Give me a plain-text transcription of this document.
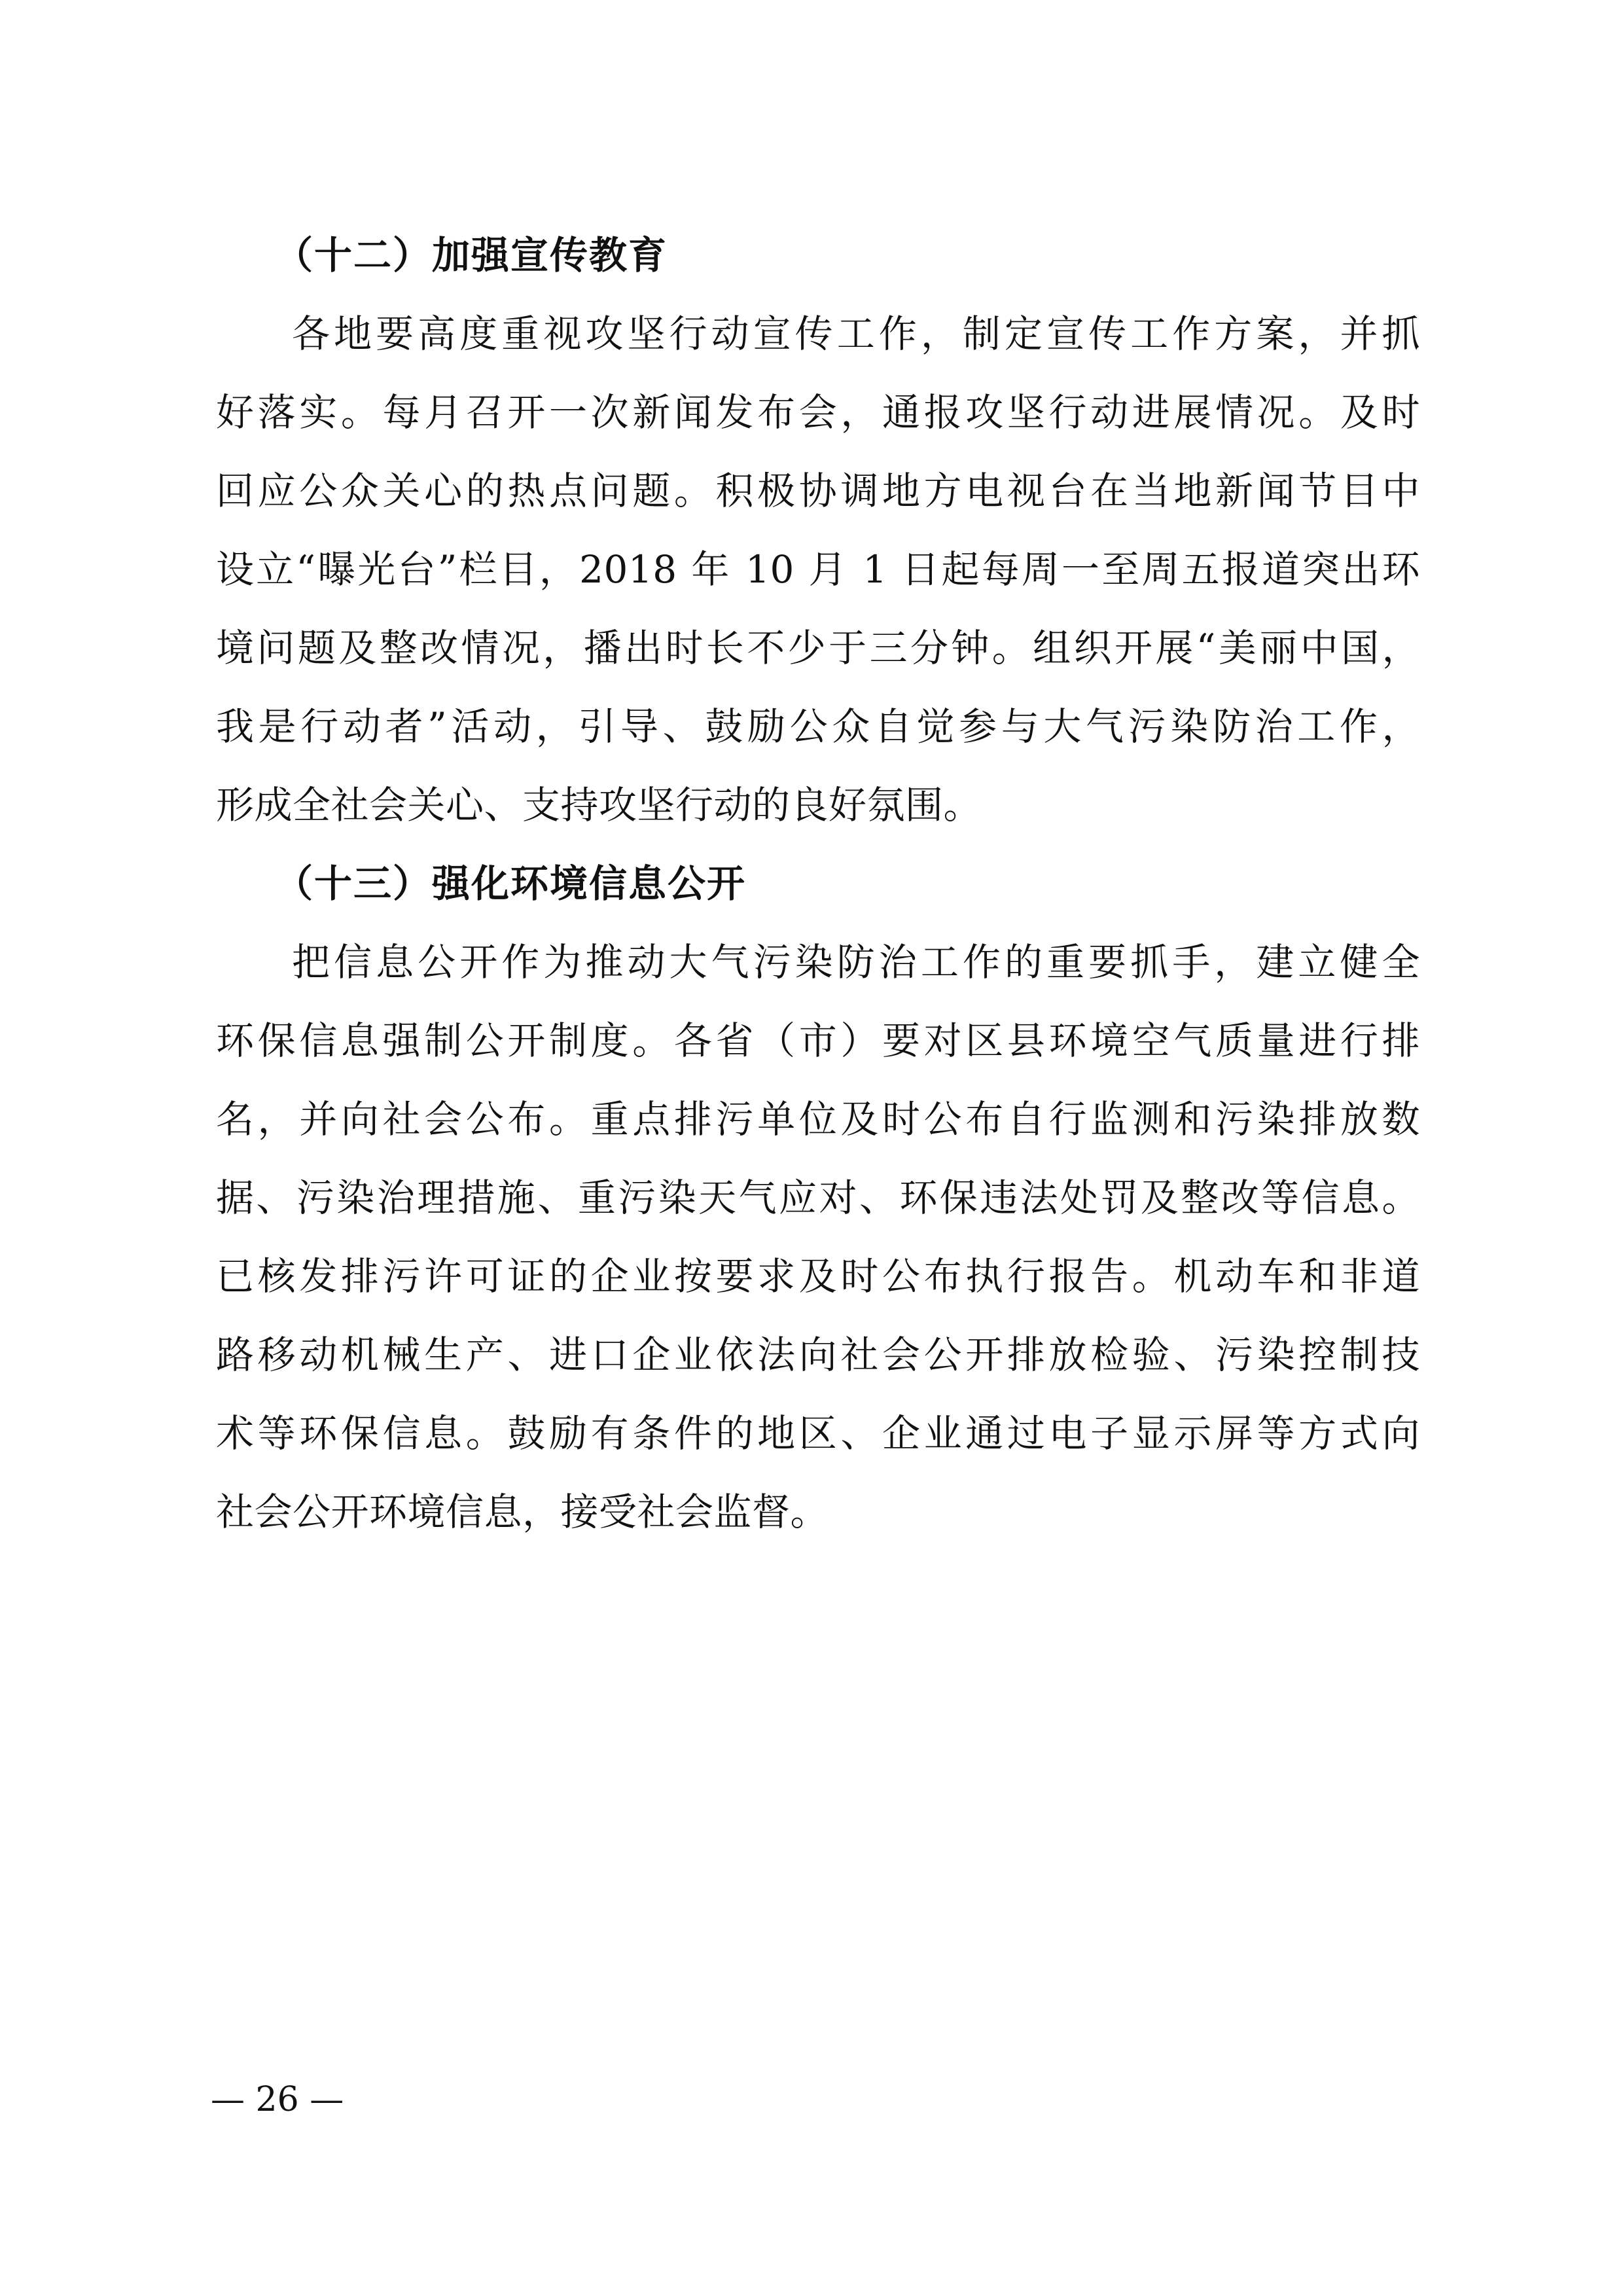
（十二）加强宣传教育
各地要高度重视攻坚行动宣传工作，制定宣传工作方案，并抓
好落实。每月召开一次新闻发布会，通报攻坚行动进展情况。及时
回应公众关心的热点问题。积极协调地方电视台在当地新闻节目中
设立“曝光台”栏目，2018 年 10 月 1 日起每周一至周五报道突出环
境问题及整改情况，播出时长不少于三分钟。组织开展“美丽中国，
我是行动者”活动，引导、鼓励公众自觉参与大气污染防治工作，
形成全社会关心、支持攻坚行动的良好氛围。
（十三）强化环境信息公开
把信息公开作为推动大气污染防治工作的重要抓手，建立健全
环保信息强制公开制度。各省（市）要对区县环境空气质量进行排
名，并向社会公布。重点排污单位及时公布自行监测和污染排放数
据、污染治理措施、重污染天气应对、环保违法处罚及整改等信息。
已核发排污许可证的企业按要求及时公布执行报告。机动车和非道
路移动机械生产、进口企业依法向社会公开排放检验、污染控制技
术等环保信息。鼓励有条件的地区、企业通过电子显示屏等方式向
社会公开环境信息，接受社会监督。
— 26 —
